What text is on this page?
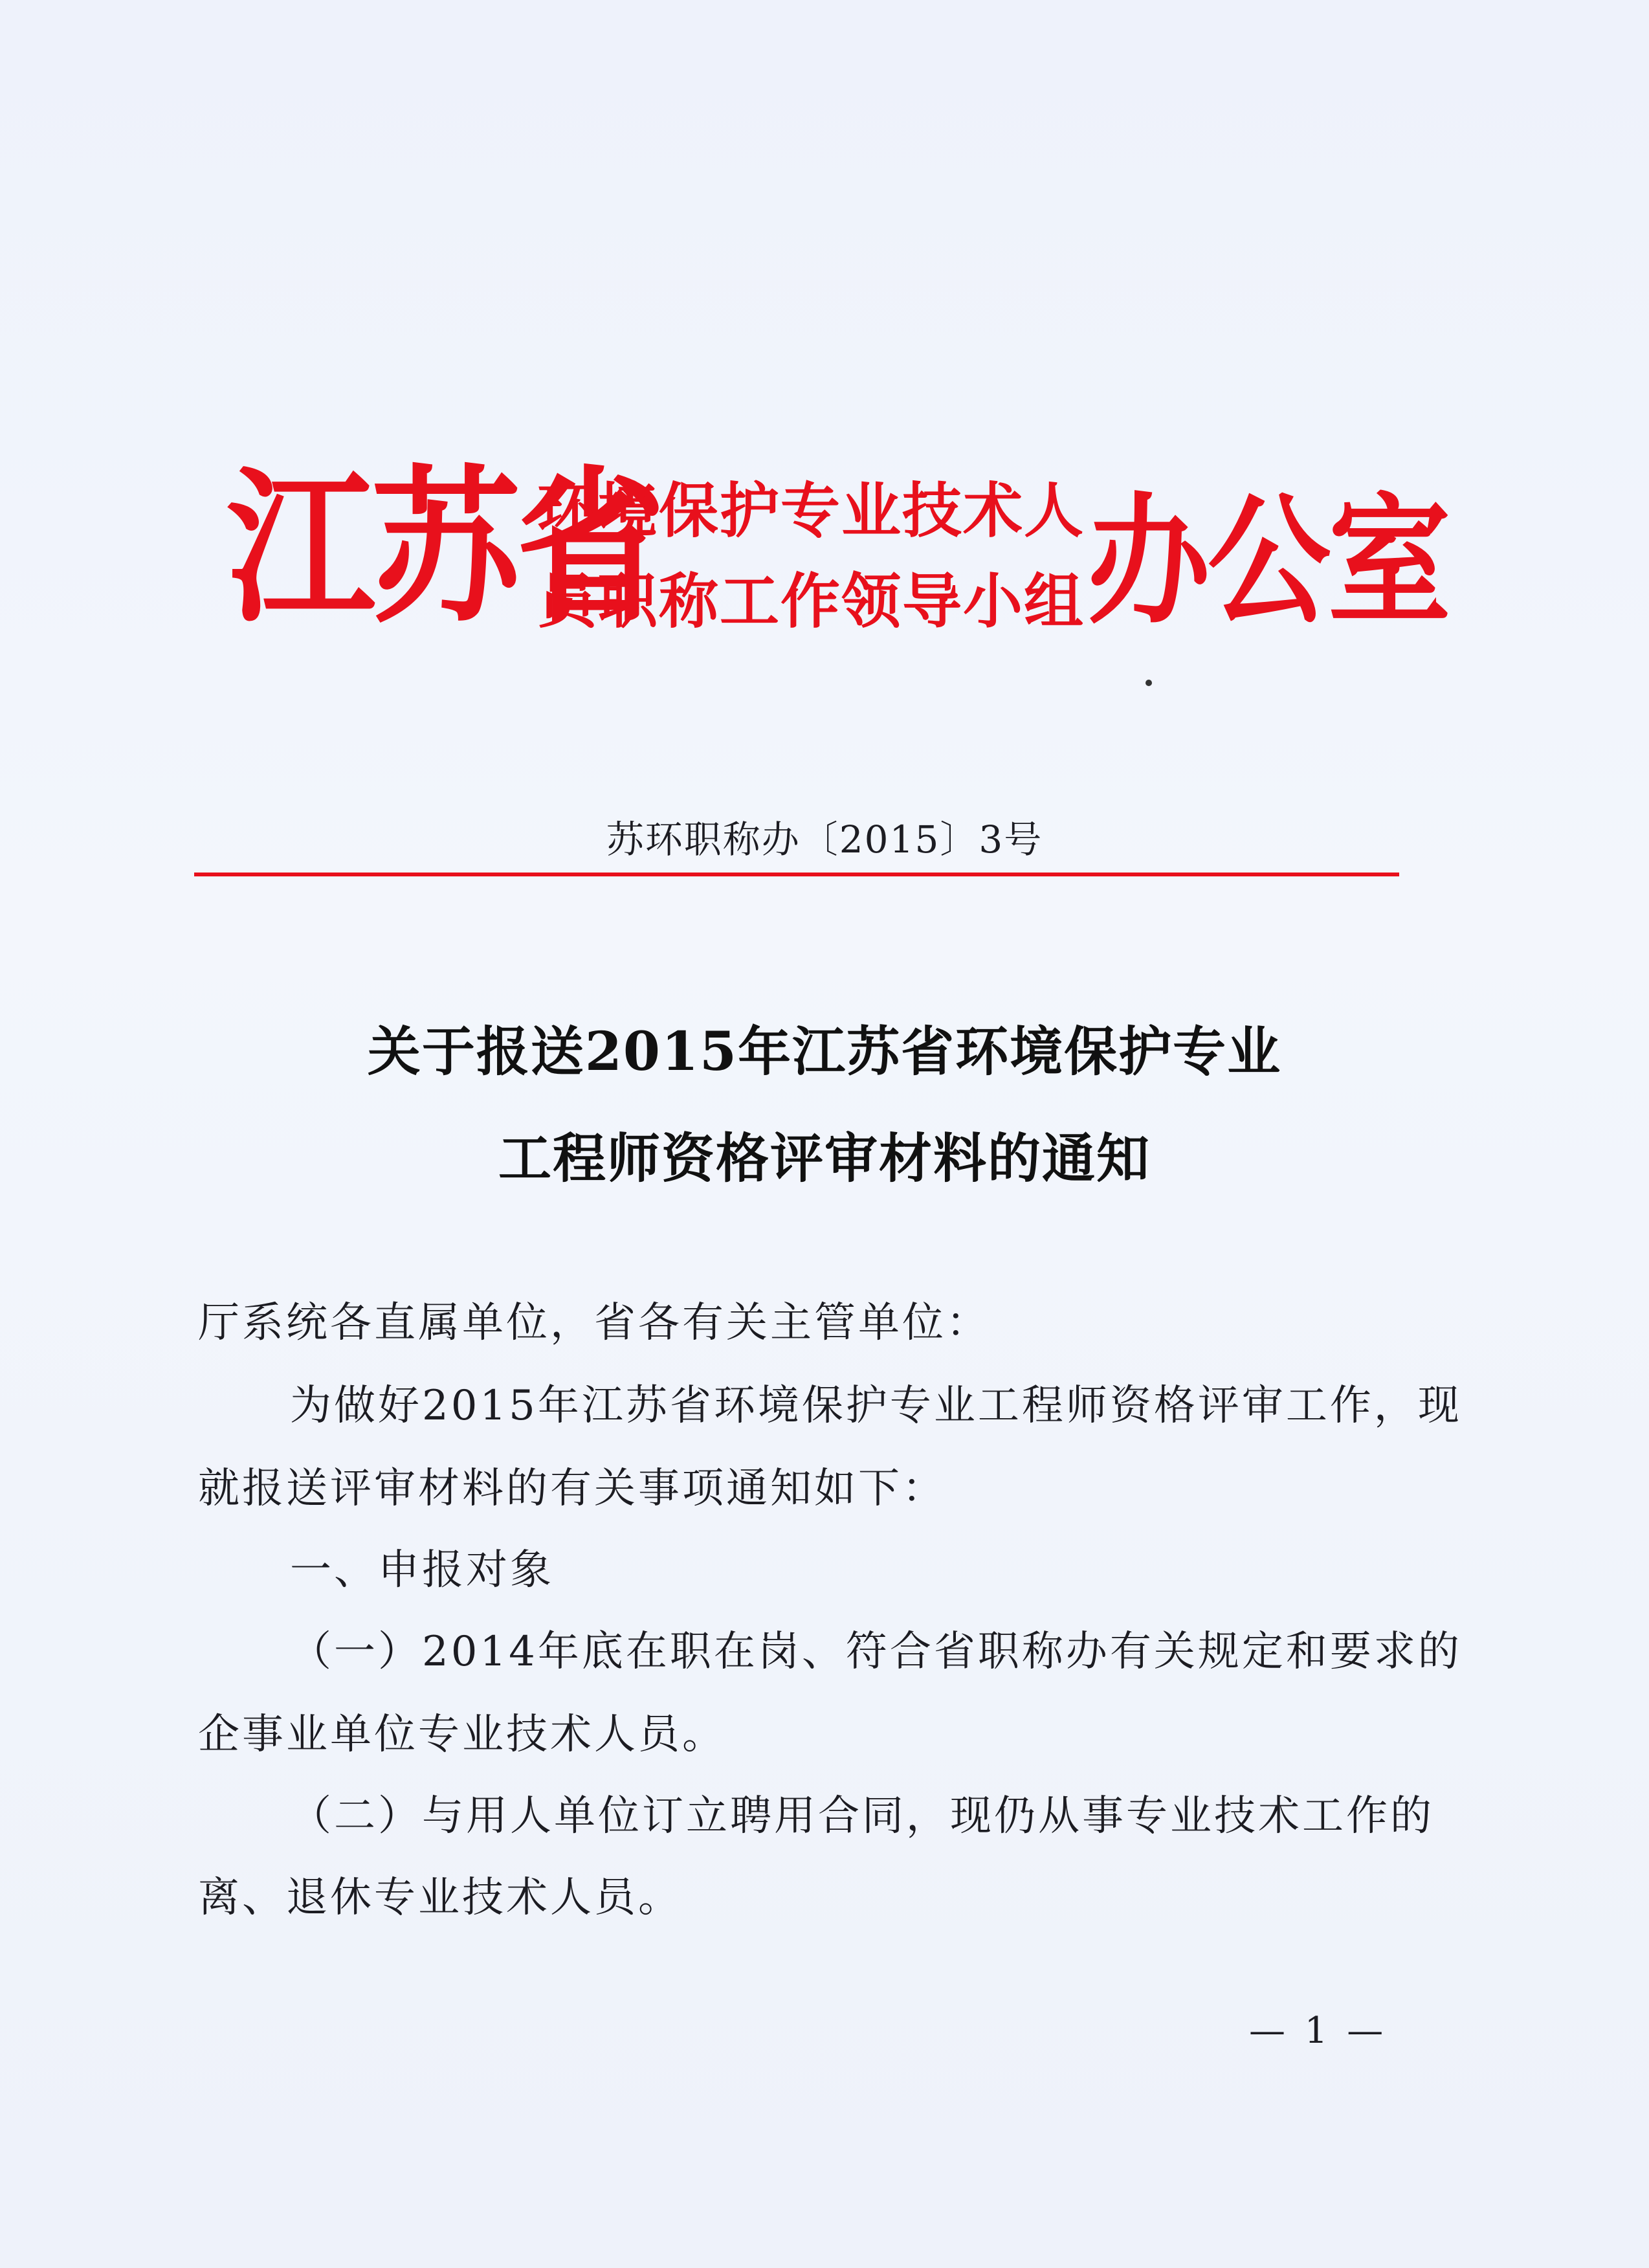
江苏省
环境保护专业技术人
员职称工作领导小组 办公室
苏环职称办〔2015〕3号
关于报送2015年江苏省环境保护专业
工程师资格评审材料的通知
厅系统各直属单位，省各有关主管单位：
为做好2015年江苏省环境保护专业工程师资格评审工作，现
就报送评审材料的有关事项通知如下：
一、申报对象
（一）2014年底在职在岗、符合省职称办有关规定和要求的
企事业单位专业技术人员。
（二）与用人单位订立聘用合同，现仍从事专业技术工作的
离、退休专业技术人员。
— 1 —
